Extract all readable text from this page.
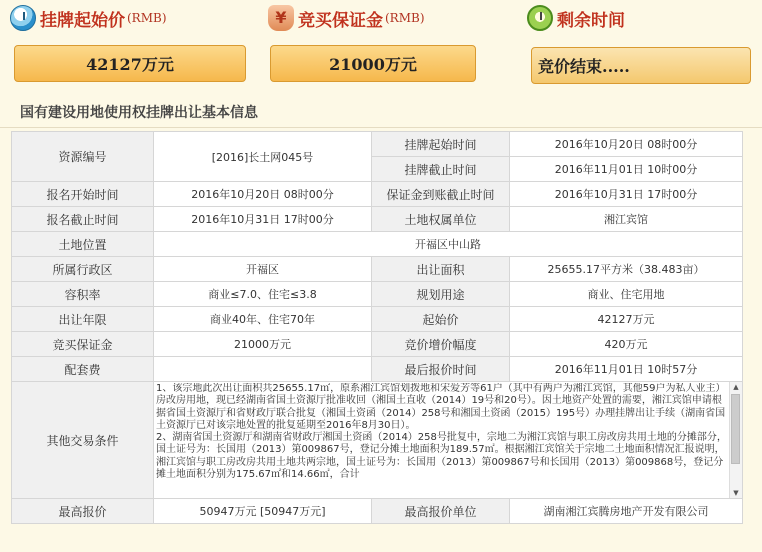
挂牌起始价 (RMB)
42127万元
¥
竞买保证金 (RMB)
21000万元
剩余时间
竞价结束.....
国有建设用地使用权挂牌出让基本信息
资源编号	[2016]长土网045号	挂牌起始时间	2016年10月20日 08时00分
		挂牌截止时间	2016年11月01日 10时00分
报名开始时间	2016年10月20日 08时00分	保证金到账截止时间	2016年10月31日 17时00分
报名截止时间	2016年10月31日 17时00分	土地权属单位	湘江宾馆
土地位置	开福区中山路		
所属行政区	开福区	出让面积	25655.17平方米（38.483亩）
容积率	商业≤7.0、住宅≤3.8	规划用途	商业、住宅用地
出让年限	商业40年、住宅70年	起始价	42127万元
竞买保证金	21000万元	竞价增价幅度	420万元
配套费		最后报价时间	2016年11月01日 10时57分
其他交易条件	1、该宗地此次出让面积共25655.17㎡，原系湘江宾馆划拨地和宋爱芳等61户（其中有两户为湘江宾馆，其他59户为私人业主）房改房用地，现已经湖南省国土资源厅批准收回（湘国土直收（2014）19号和20号）。因土地资产处置的需要，湘江宾馆申请根据省国土资源厅和省财政厅联合批复（湘国土资函（2014）258号和湘国土资函（2015）195号）办理挂牌出让手续（湖南省国土资源厅已对该宗地处置的批复延期至2016年8月30日）。
2、湖南省国土资源厅和湖南省财政厅湘国土资函（2014）258号批复中，宗地二为湘江宾馆与职工房改房共用土地的分摊部分，国土证号为：长国用（2013）第009867号，登记分摊土地面积为189.57㎡。根据湘江宾馆关于宗地二土地面积情况汇报说明，湘江宾馆与职工房改房共用土地共两宗地，国土证号为：长国用（2013）第009867号和长国用（2013）第009868号，登记分摊土地面积分别为175.67㎡和14.66㎡，合计
▲
▼		

最高报价	50947万元 [50947万元]	最高报价单位	湖南湘江宾腾房地产开发有限公司
